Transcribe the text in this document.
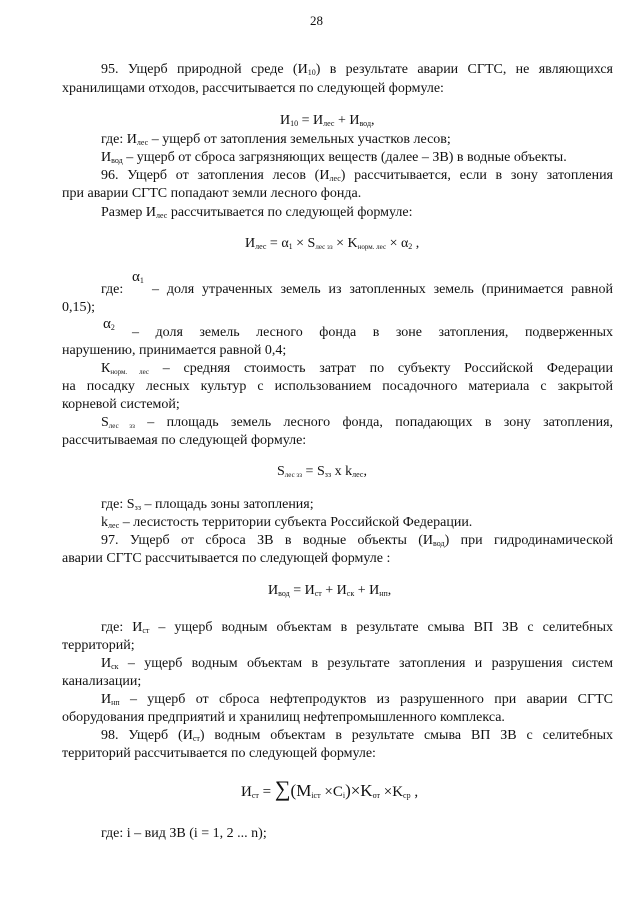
28
95. Ущерб природной среде $(И_{10})$ в результате аварии СГТС, не являющихся
хранилищами отходов, рассчитывается по следующей формуле:
$И_{10} = И_{лес} + И_{вод}$,
где: $И_{лес}$ – ущерб от затопления земельных участков лесов;
$И_{вод}$ – ущерб от сброса загрязняющих веществ (далее – ЗВ) в водные объекты.
96. Ущерб от затопления лесов $(И_{лес})$ рассчитывается, если в зону затопления
при аварии СГТС попадают земли лесного фонда.
Размер $И_{лес}$ рассчитывается по следующей формуле:
$И_{лес} = \alpha_1 \times S_{лес зз} \times K_{норм. лес} \times \alpha_2$ ,
где:
$\alpha_1$
– доля утраченных земель из затопленных земель (принимается равной
0,15);
$\alpha_2$ – доля земель лесного фонда в зоне затопления, подверженных
нарушению, принимается равной 0,4;
$К_{норм. лес}$ – средняя стоимость затрат по субъекту Российской Федерации
на посадку лесных культур с использованием посадочного материала с закрытой
корневой системой;
$S_{лес зз}$ – площадь земель лесного фонда, попадающих в зону затопления,
рассчитываемая по следующей формуле:
$S_{лес зз} = S_{зз}$ х $k_{лес}$,
где: $S_{зз}$ – площадь зоны затопления;
$k_{лес}$ – лесистость территории субъекта Российской Федерации.
97. Ущерб от сброса ЗВ в водные объекты $(И_{вод})$ при гидродинамической
аварии СГТС рассчитывается по следующей формуле :
$И_{вод} = И_{ст} + И_{ск} + И_{нп}$,
где: $И_{ст}$ – ущерб водным объектам в результате смыва ВП ЗВ с селитебных
территорий;
$И_{ск}$ – ущерб водным объектам в результате затопления и разрушения систем
канализации;
$И_{нп}$ – ущерб от сброса нефтепродуктов из разрушенного при аварии СГТС
оборудования предприятий и хранилищ нефтепромышленного комплекса.
98. Ущерб $(И_{ст})$ водным объектам в результате смыва ВП ЗВ с селитебных
территорий рассчитывается по следующей формуле:
$И_{ст} = \sum(M_{iст} \times C_i)\times K_{от} \times K_{ср}$ ,
где: i – вид ЗВ (i = 1, 2 ... n);
